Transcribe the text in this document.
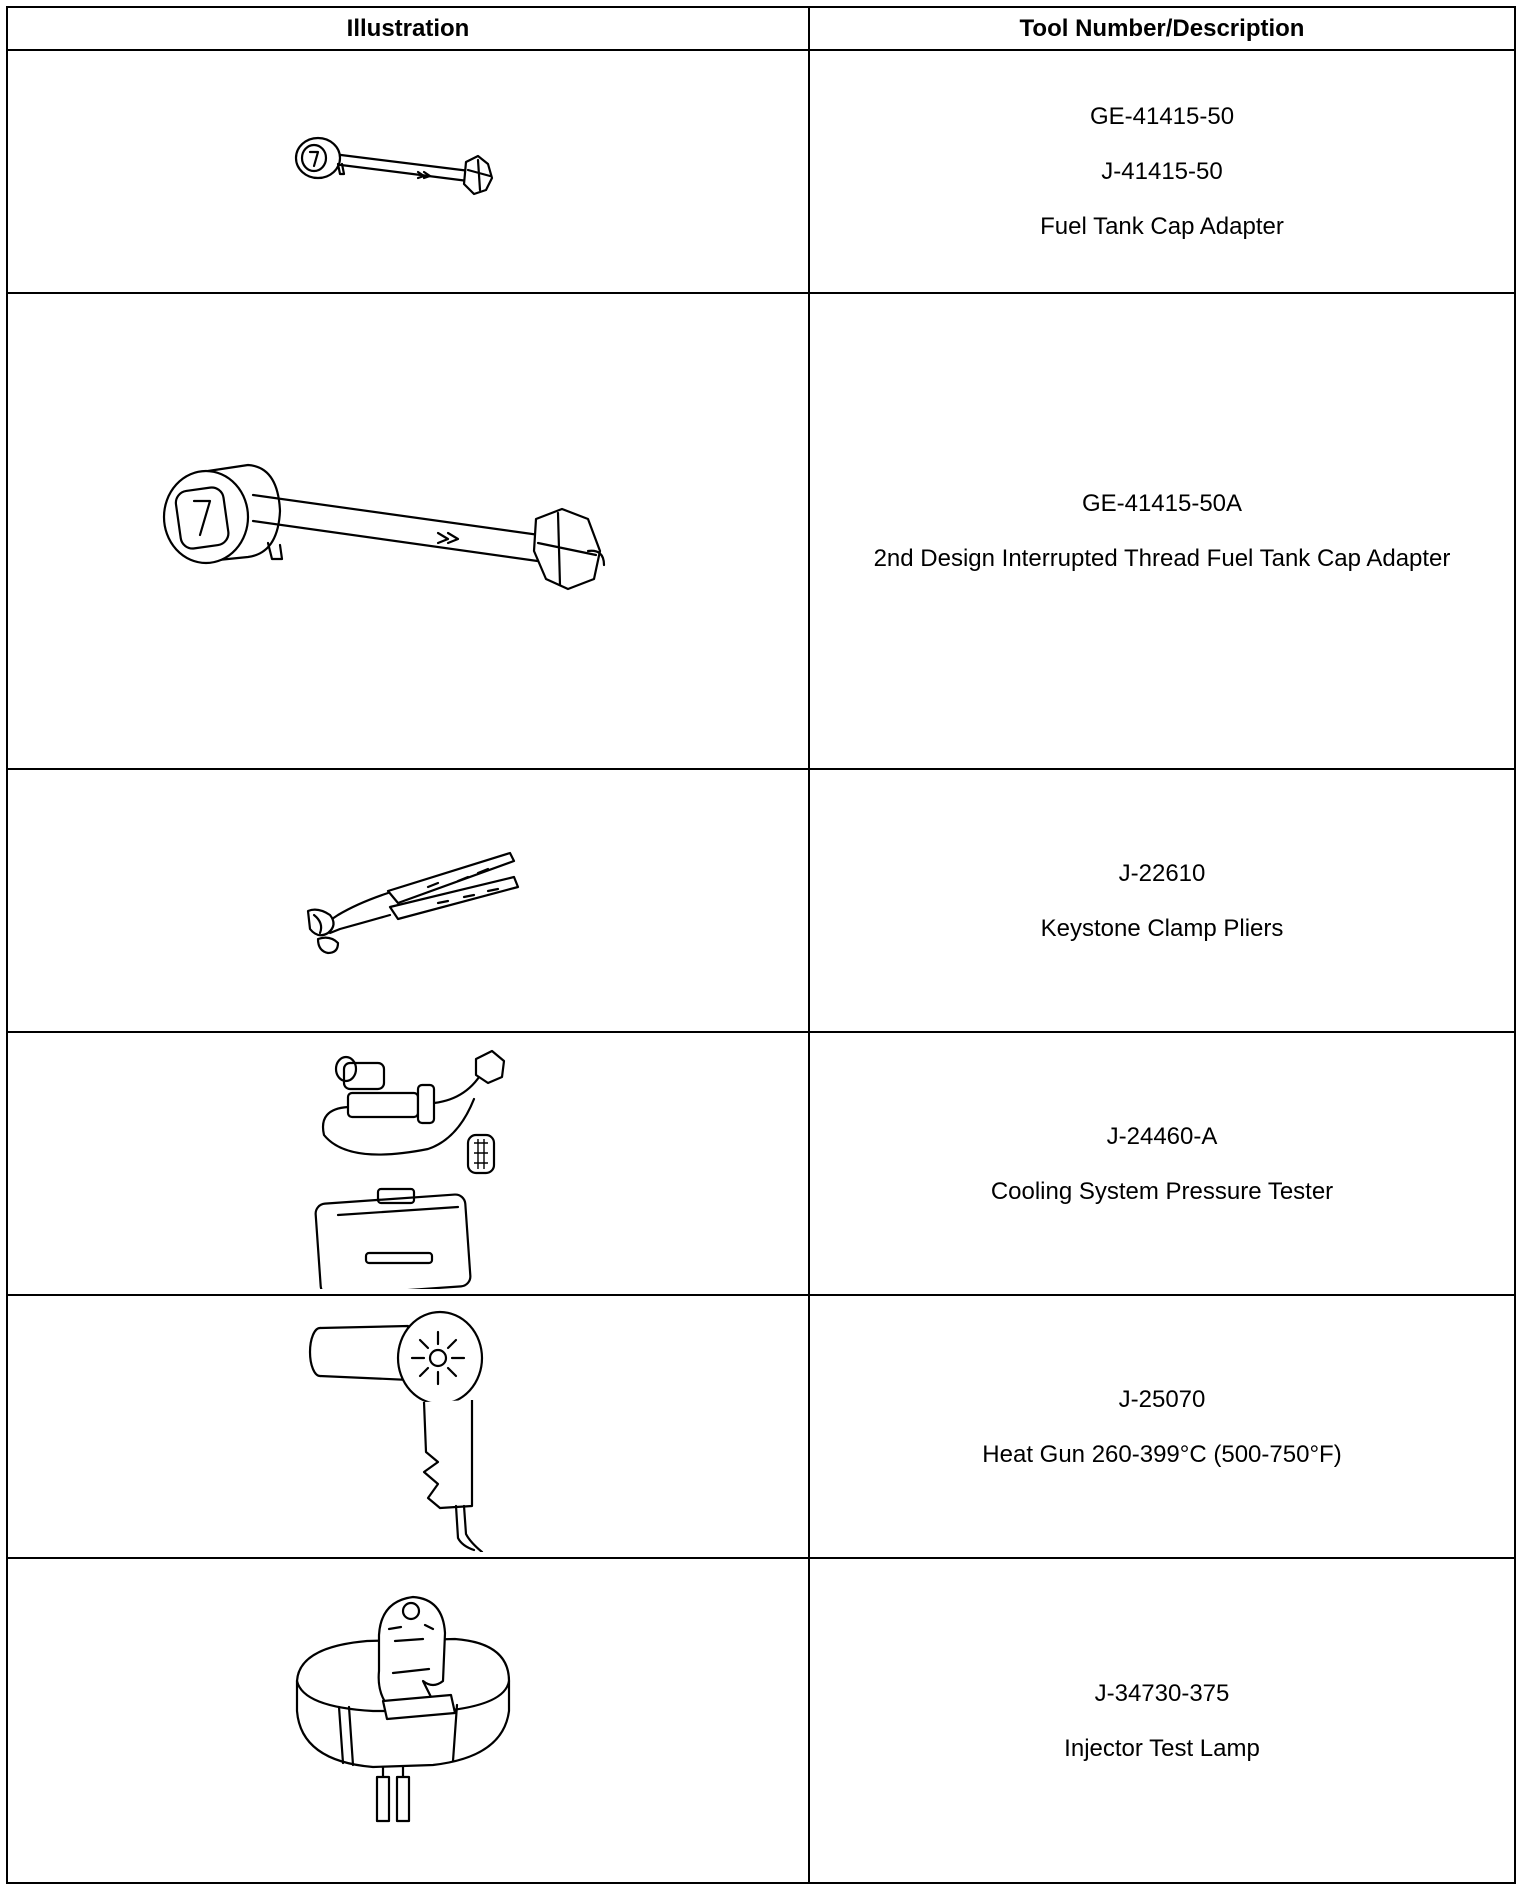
Illustration	Tool Number/Description

GE-41415-50
J-41415-50
Fuel Tank Cap Adapter

GE-41415-50A
2nd Design Interrupted Thread Fuel Tank Cap Adapter

J-22610
Keystone Clamp Pliers

J-24460-A
Cooling System Pressure Tester

J-25070
Heat Gun 260-399°C (500-750°F)

J-34730-375
Injector Test Lamp
